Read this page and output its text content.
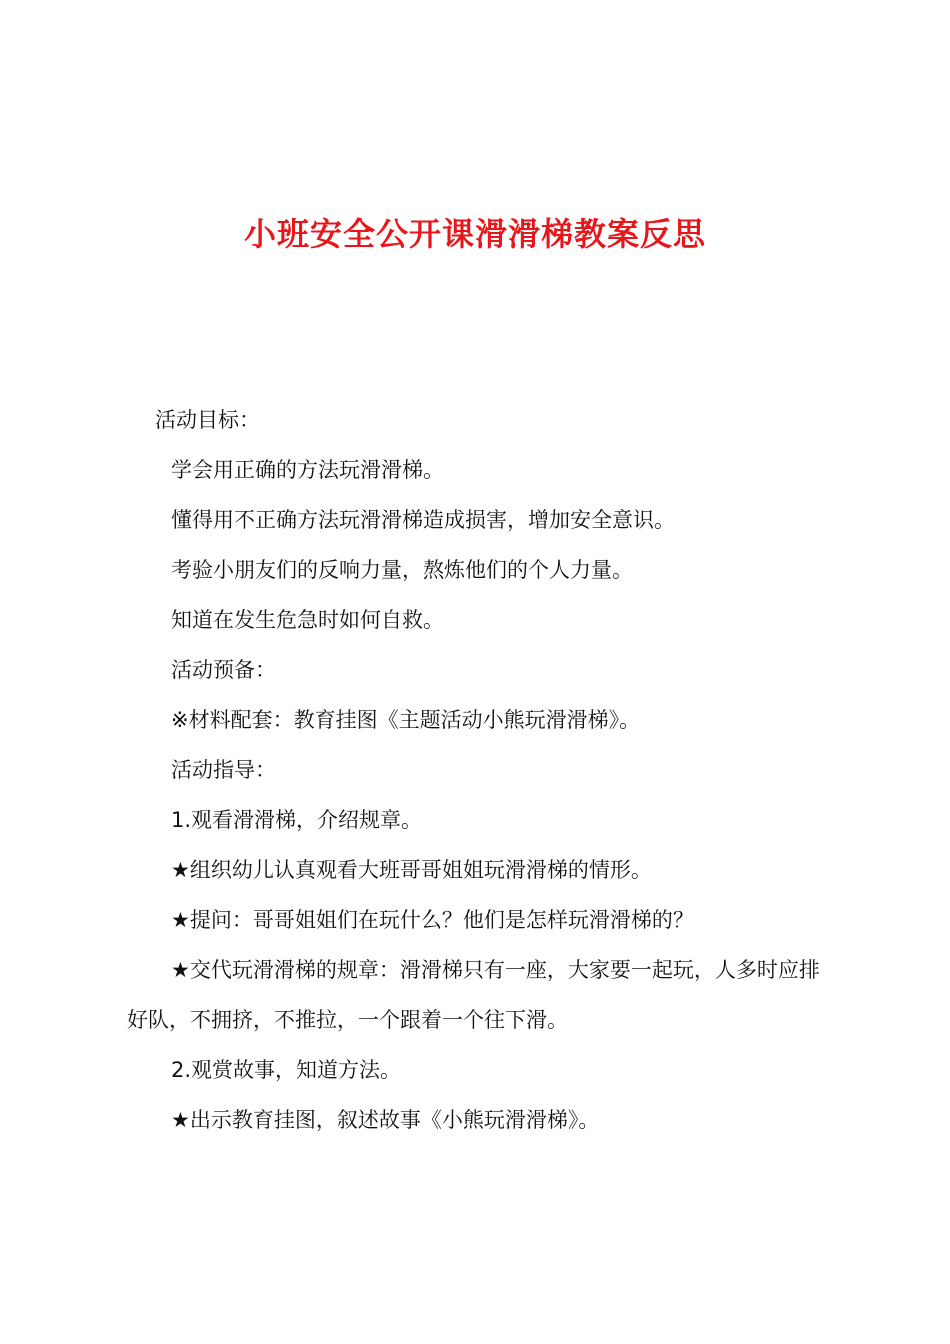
小班安全公开课滑滑梯教案反思

活动目标：

学会用正确的方法玩滑滑梯。

懂得用不正确方法玩滑滑梯造成损害，增加安全意识。

考验小朋友们的反响力量，熬炼他们的个人力量。

知道在发生危急时如何自救。

活动预备：

※材料配套：教育挂图《主题活动小熊玩滑滑梯》。

活动指导：

1.观看滑滑梯，介绍规章。

★组织幼儿认真观看大班哥哥姐姐玩滑滑梯的情形。

★提问：哥哥姐姐们在玩什么？他们是怎样玩滑滑梯的？

★交代玩滑滑梯的规章：滑滑梯只有一座，大家要一起玩，人多时应排好队，不拥挤，不推拉，一个跟着一个往下滑。

2.观赏故事，知道方法。

★出示教育挂图，叙述故事《小熊玩滑滑梯》。
